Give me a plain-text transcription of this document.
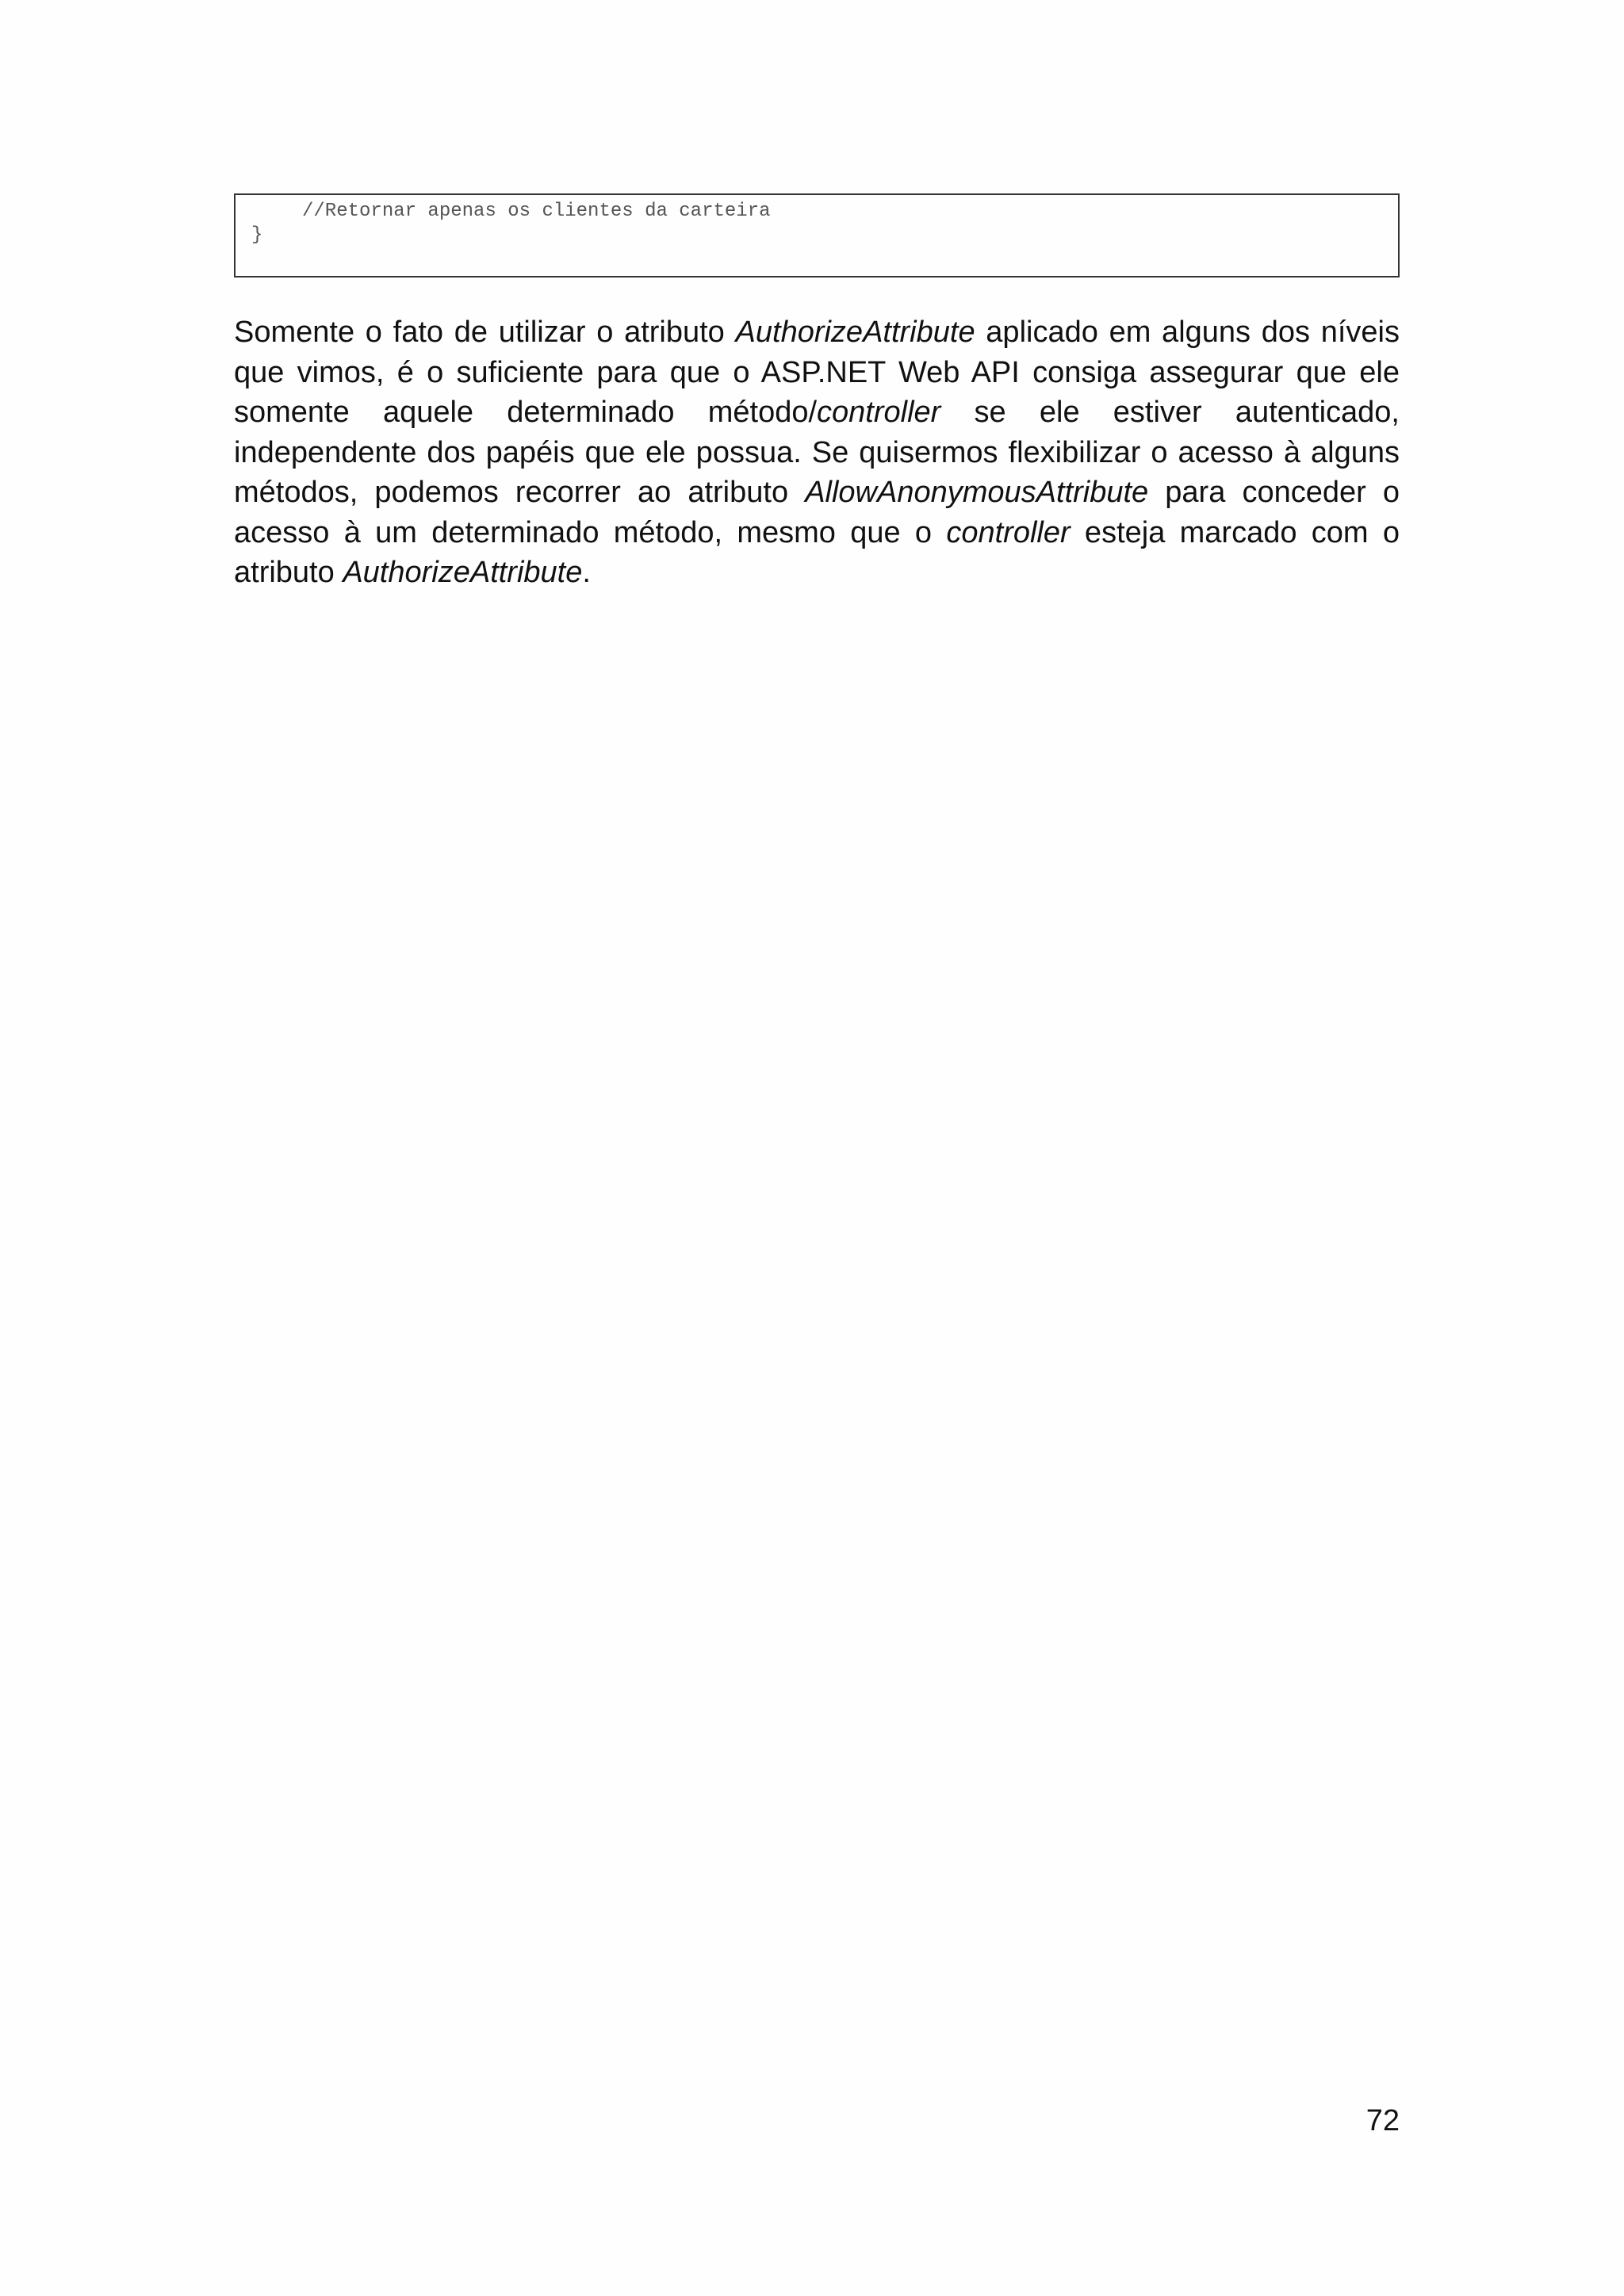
//Retornar apenas os clientes da carteira
}

Somente o fato de utilizar o atributo AuthorizeAttribute aplicado em alguns dos níveis que vimos, é o suficiente para que o ASP.NET Web API consiga assegurar que ele somente aquele determinado método/controller se ele estiver autenticado, independente dos papéis que ele possua. Se quisermos flexibilizar o acesso à alguns métodos, podemos recorrer ao atributo AllowAnonymousAttribute para conceder o acesso à um determinado método, mesmo que o controller esteja marcado com o atributo AuthorizeAttribute.

72
